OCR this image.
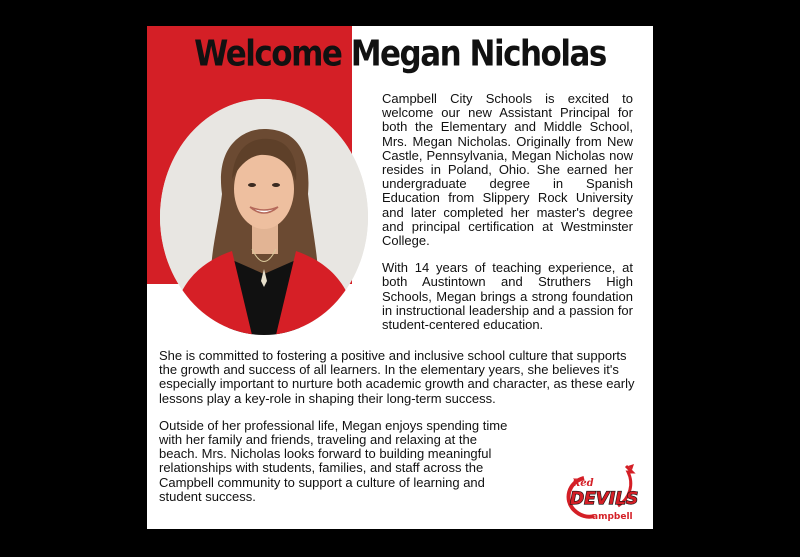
Welcome Megan Nicholas

Campbell City Schools is excited to welcome our new Assistant Principal for both the Elementary and Middle School, Mrs. Megan Nicholas. Originally from New Castle, Pennsylvania, Megan Nicholas now resides in Poland, Ohio. She earned her undergraduate degree in Spanish Education from Slippery Rock University and later completed her master's degree and principal certification at Westminster College.

With 14 years of teaching experience, at both Austintown and Struthers High Schools, Megan brings a strong foundation in instructional leadership and a passion for student-centered education.

She is committed to fostering a positive and inclusive school culture that supports the growth and success of all learners. In the elementary years, she believes it's especially important to nurture both academic growth and character, as these early lessons play a key-role in shaping their long-term success.

Outside of her professional life, Megan enjoys spending time with her family and friends, traveling and relaxing at the beach. Mrs. Nicholas looks forward to building meaningful relationships with students, families, and staff across the Campbell community to support a culture of learning and student success.

Red
DEVILS
ampbell
